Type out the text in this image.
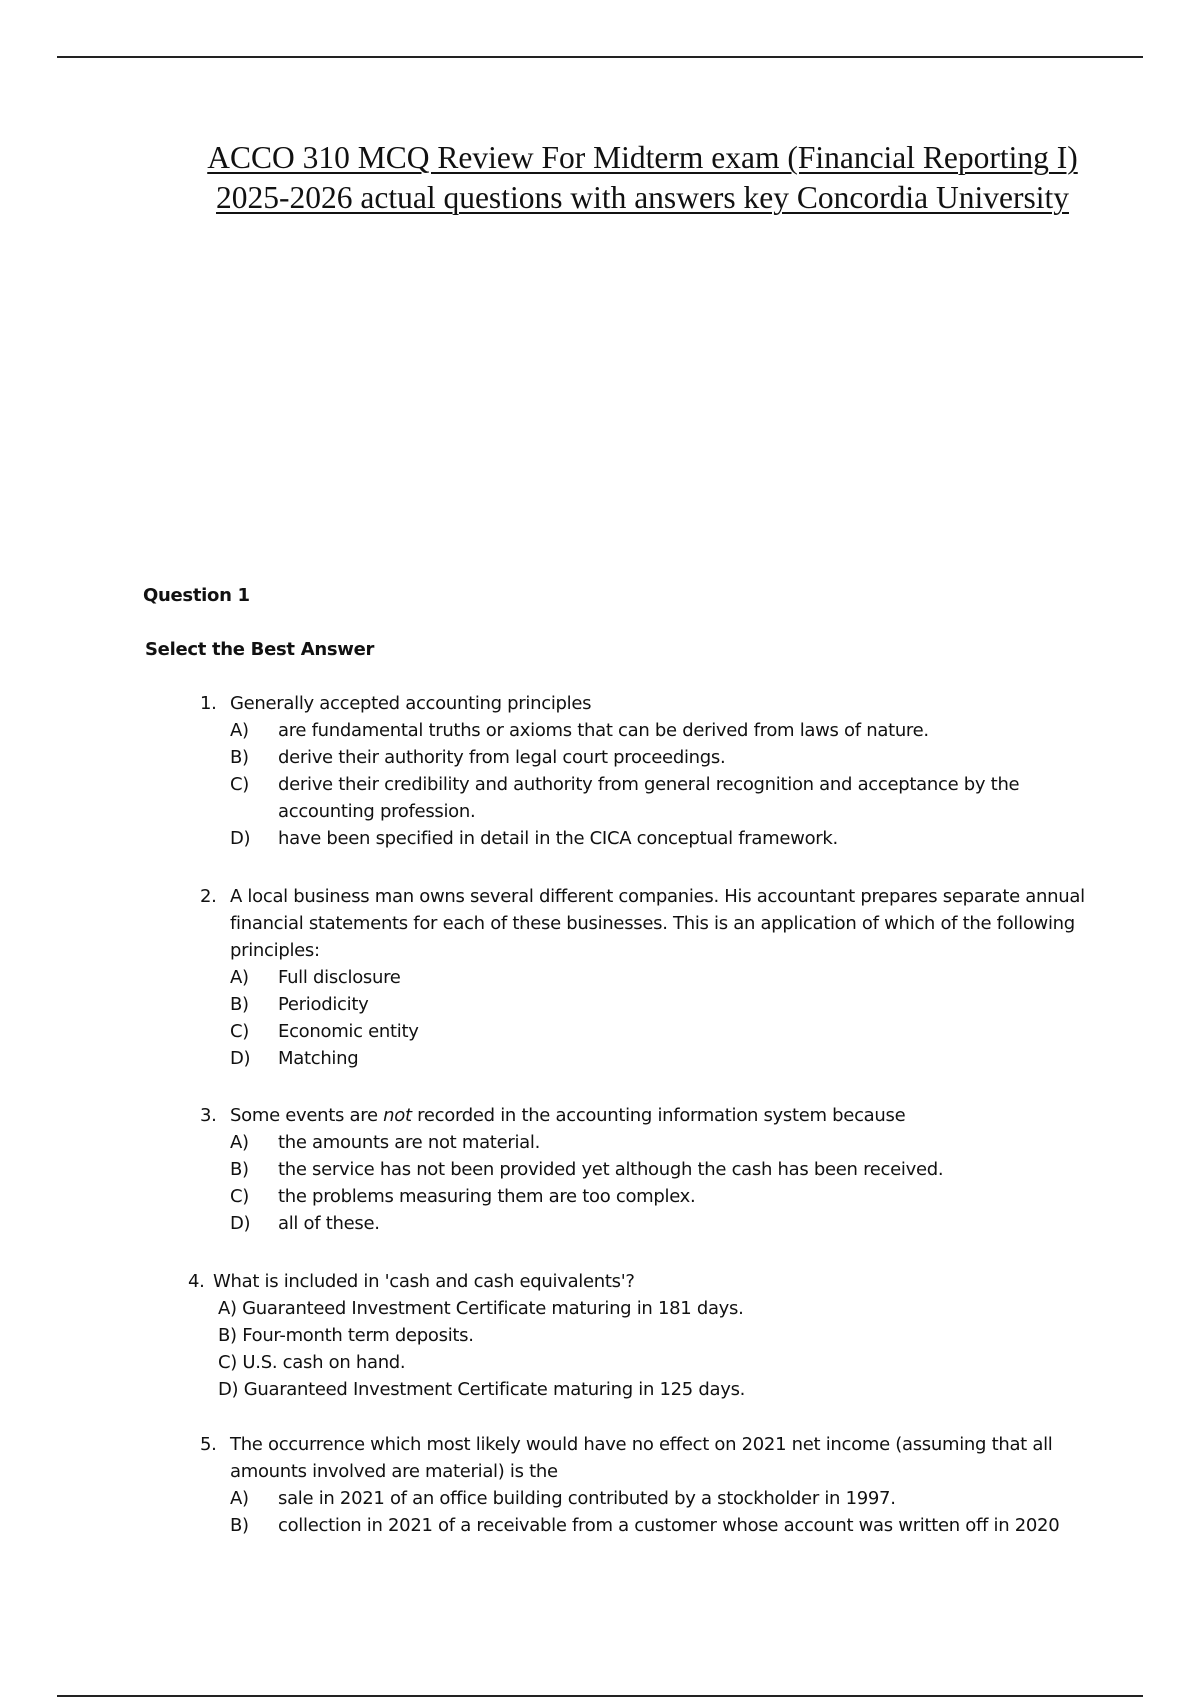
ACCO 310 MCQ Review For Midterm exam (Financial Reporting I)
2025-2026 actual questions with answers key Concordia University
Question 1
Select the Best Answer
1. Generally accepted accounting principles
A) are fundamental truths or axioms that can be derived from laws of nature.
B) derive their authority from legal court proceedings.
C) derive their credibility and authority from general recognition and acceptance by the accounting profession.
D) have been specified in detail in the CICA conceptual framework.
2. A local business man owns several different companies. His accountant prepares separate annual financial statements for each of these businesses. This is an application of which of the following principles:
A) Full disclosure
B) Periodicity
C) Economic entity
D) Matching
3. Some events are not recorded in the accounting information system because
A) the amounts are not material.
B) the service has not been provided yet although the cash has been received.
C) the problems measuring them are too complex.
D) all of these.
4. What is included in 'cash and cash equivalents'?
A) Guaranteed Investment Certificate maturing in 181 days.
B) Four-month term deposits.
C) U.S. cash on hand.
D) Guaranteed Investment Certificate maturing in 125 days.
5. The occurrence which most likely would have no effect on 2021 net income (assuming that all amounts involved are material) is the
A) sale in 2021 of an office building contributed by a stockholder in 1997.
B) collection in 2021 of a receivable from a customer whose account was written off in 2020
